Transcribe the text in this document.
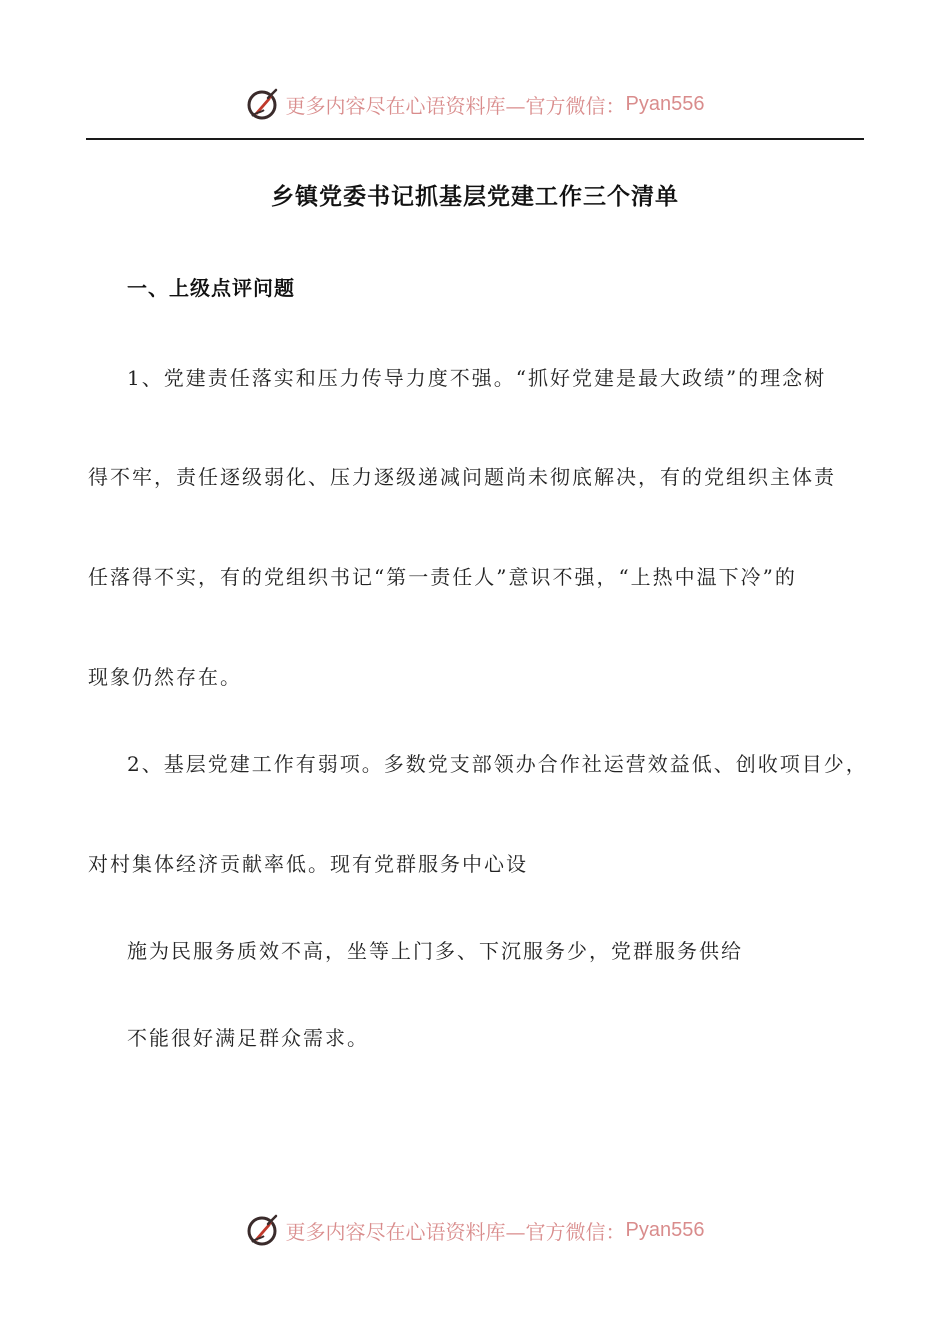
更多内容尽在心语资料库—官方微信： Pyan556
乡镇党委书记抓基层党建工作三个清单
一、上级点评问题
1、党建责任落实和压力传导力度不强。“抓好党建是最大政绩”的理念树
得不牢，责任逐级弱化、压力逐级递减问题尚未彻底解决，有的党组织主体责
任落得不实，有的党组织书记“第一责任人”意识不强，“上热中温下冷”的
现象仍然存在。
2、基层党建工作有弱项。多数党支部领办合作社运营效益低、创收项目少，
对村集体经济贡献率低。现有党群服务中心设
施为民服务质效不高，坐等上门多、下沉服务少，党群服务供给
不能很好满足群众需求。
更多内容尽在心语资料库—官方微信： Pyan556
